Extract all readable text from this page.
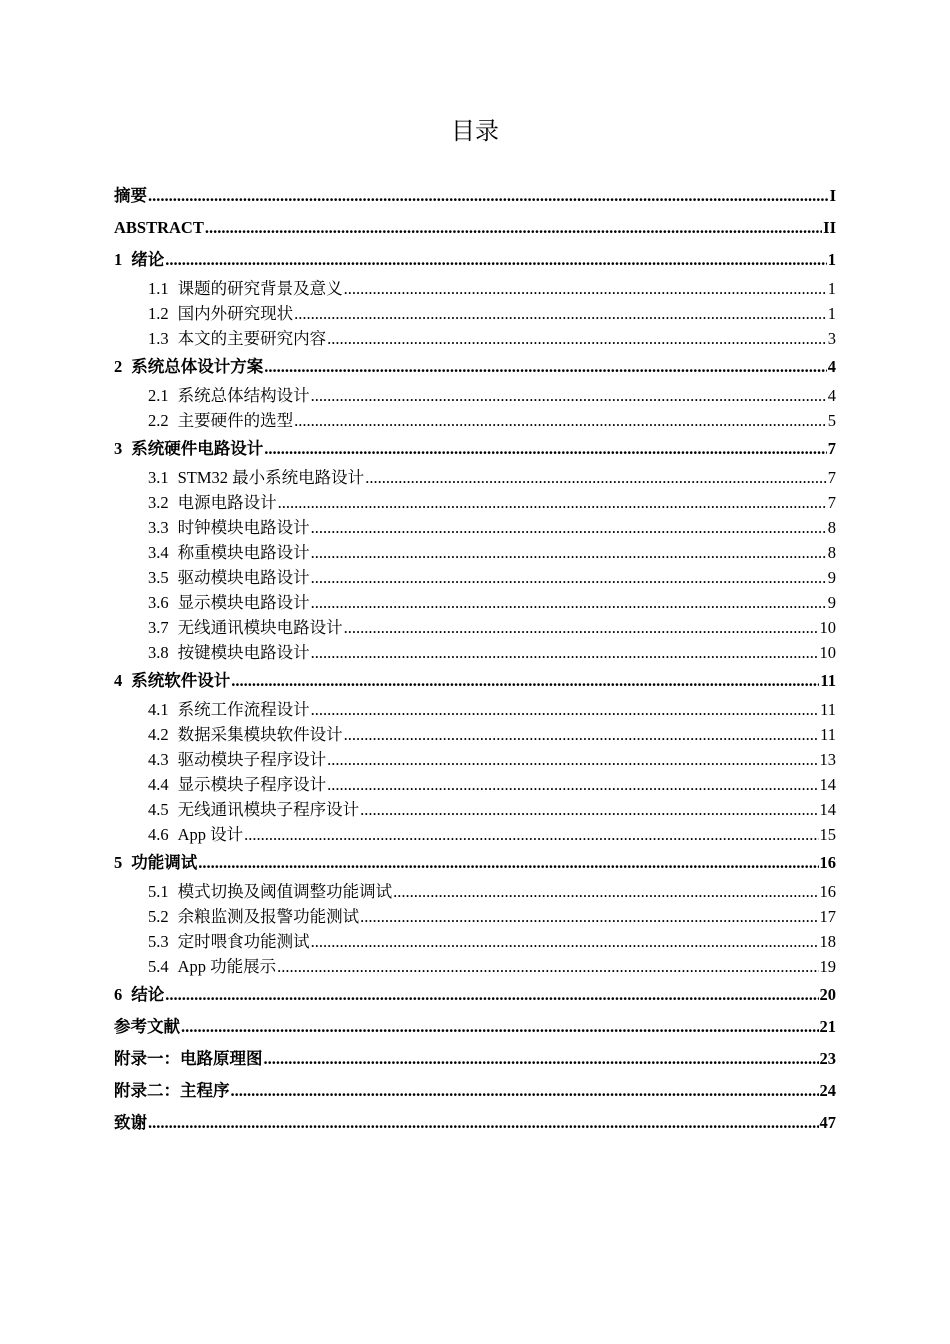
目录
摘要 .....	I
ABSTRACT .....	II
1 绪论 .....	1
1.1 课题的研究背景及意义 .....	1
1.2 国内外研究现状 .....	1
1.3 本文的主要研究内容 .....	3
2 系统总体设计方案 .....	4
2.1 系统总体结构设计 .....	4
2.2 主要硬件的选型 .....	5
3 系统硬件电路设计 .....	7
3.1 STM32 最小系统电路设计 .....	7
3.2 电源电路设计 .....	7
3.3 时钟模块电路设计 .....	8
3.4 称重模块电路设计 .....	8
3.5 驱动模块电路设计 .....	9
3.6 显示模块电路设计 .....	9
3.7 无线通讯模块电路设计 .....	10
3.8 按键模块电路设计 .....	10
4 系统软件设计 .....	11
4.1 系统工作流程设计 .....	11
4.2 数据采集模块软件设计 .....	11
4.3 驱动模块子程序设计 .....	13
4.4 显示模块子程序设计 .....	14
4.5 无线通讯模块子程序设计 .....	14
4.6 App 设计 .....	15
5 功能调试 .....	16
5.1 模式切换及阈值调整功能调试 .....	16
5.2 余粮监测及报警功能测试 .....	17
5.3 定时喂食功能测试 .....	18
5.4 App 功能展示 .....	19
6 结论 .....	20
参考文献 .....	21
附录一：电路原理图 .....	23
附录二：主程序 .....	24
致谢 .....	47
